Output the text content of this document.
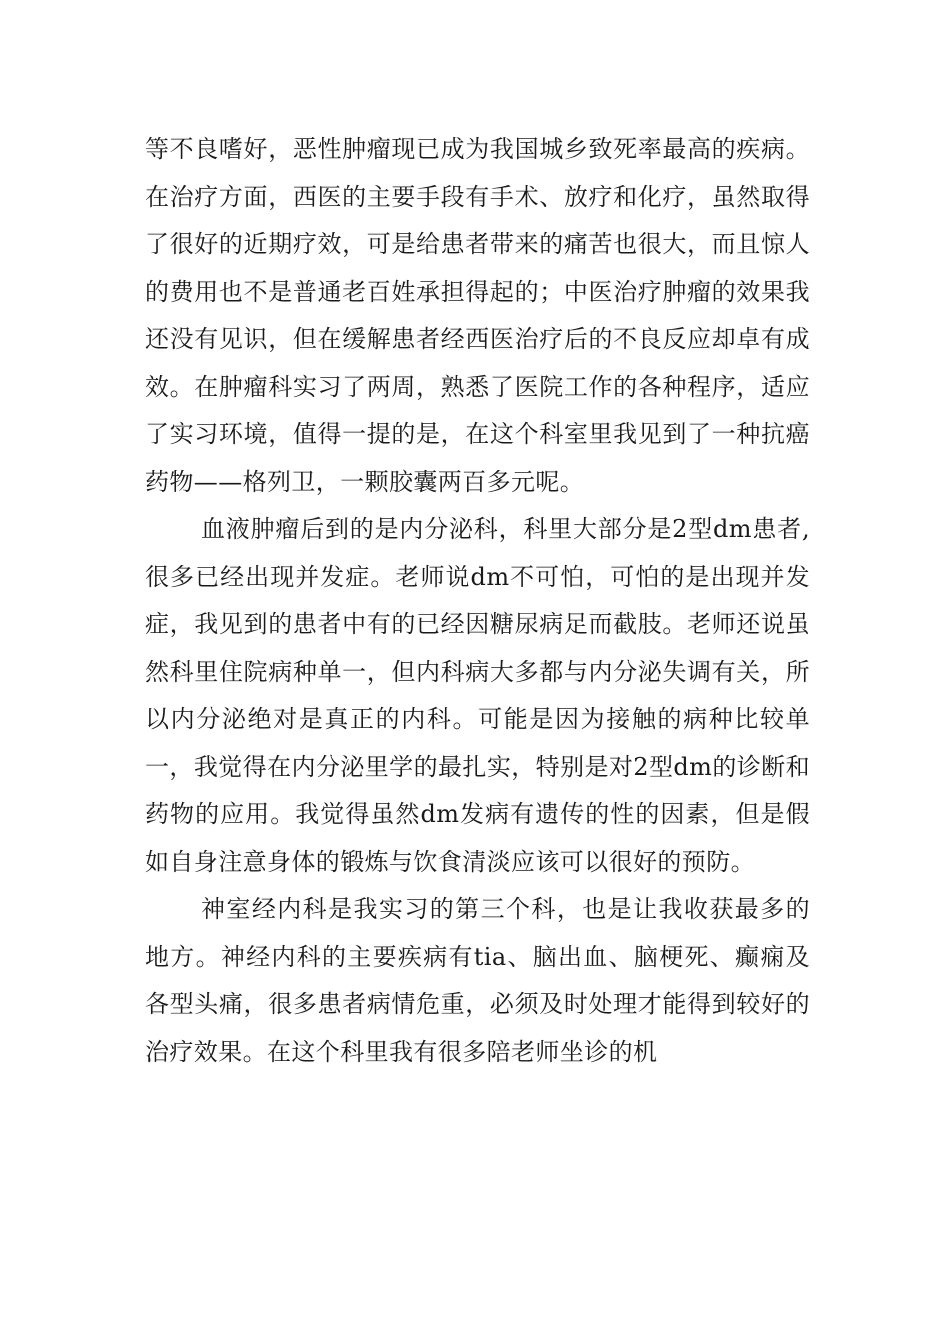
等不良嗜好，恶性肿瘤现已成为我国城乡致死率最高的疾病。在治疗方面，西医的主要手段有手术、放疗和化疗，虽然取得了很好的近期疗效，可是给患者带来的痛苦也很大，而且惊人的费用也不是普通老百姓承担得起的；中医治疗肿瘤的效果我还没有见识，但在缓解患者经西医治疗后的不良反应却卓有成效。在肿瘤科实习了两周，熟悉了医院工作的各种程序，适应了实习环境，值得一提的是，在这个科室里我见到了一种抗癌药物——格列卫，一颗胶囊两百多元呢。

血液肿瘤后到的是内分泌科，科里大部分是2型dm患者,很多已经出现并发症。老师说dm不可怕，可怕的是出现并发症，我见到的患者中有的已经因糖尿病足而截肢。老师还说虽然科里住院病种单一，但内科病大多都与内分泌失调有关，所以内分泌绝对是真正的内科。可能是因为接触的病种比较单一，我觉得在内分泌里学的最扎实，特别是对2型dm的诊断和药物的应用。我觉得虽然dm发病有遗传的性的因素，但是假如自身注意身体的锻炼与饮食清淡应该可以很好的预防。

神室经内科是我实习的第三个科，也是让我收获最多的地方。神经内科的主要疾病有tia、脑出血、脑梗死、癫痫及各型头痛，很多患者病情危重，必须及时处理才能得到较好的治疗效果。在这个科里我有很多陪老师坐诊的机
